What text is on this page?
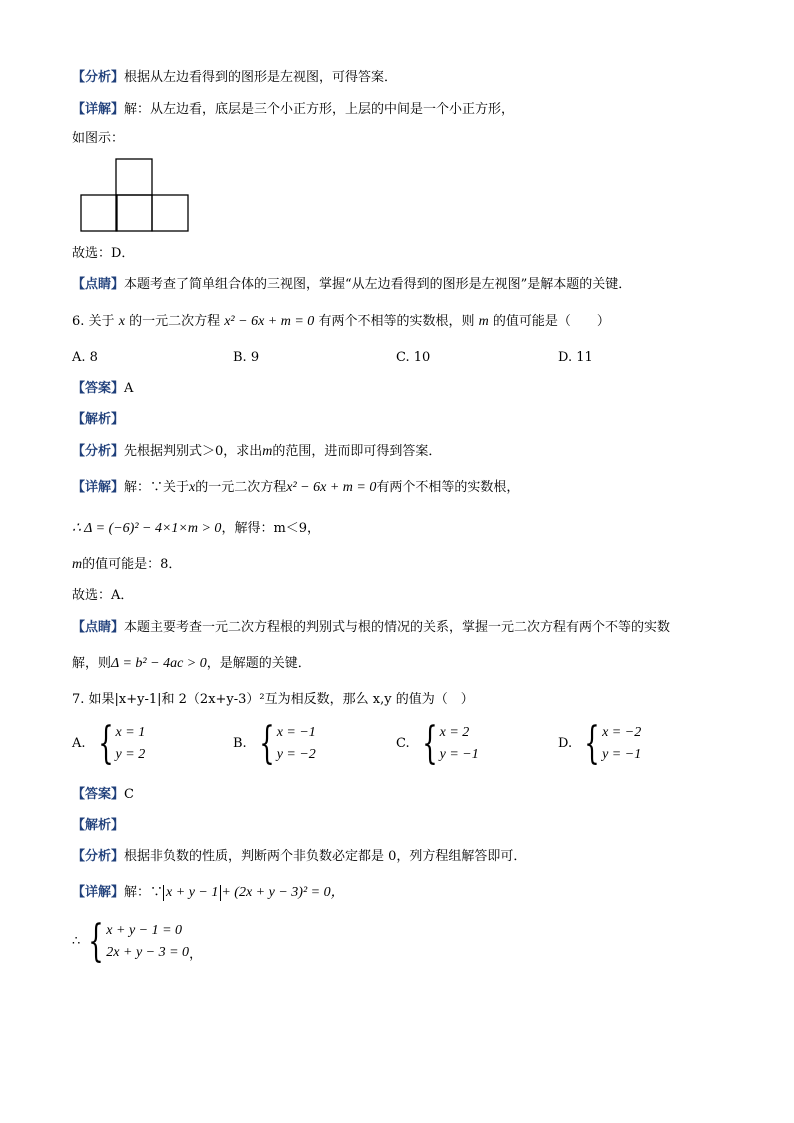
【分析】根据从左边看得到的图形是左视图，可得答案．
【详解】解：从左边看，底层是三个小正方形，上层的中间是一个小正方形，
如图示：
故选：D．
【点睛】本题考查了简单组合体的三视图，掌握“从左边看得到的图形是左视图”是解本题的关键．
6. 关于 x 的一元二次方程 x² − 6x + m = 0 有两个不相等的实数根，则 m 的值可能是（　　）
A. 8	B. 9	C. 10	D. 11
【答案】A
【解析】
【分析】先根据判别式＞0，求出m的范围，进而即可得到答案．
【详解】解：∵关于x的一元二次方程x² − 6x + m = 0有两个不相等的实数根，
∴ Δ = (−6)² − 4×1×m > 0，解得：m＜9，
m的值可能是：8．
故选：A．
【点睛】本题主要考查一元二次方程根的判别式与根的情况的关系，掌握一元二次方程有两个不等的实数
解，则Δ = b² − 4ac > 0，是解题的关键．
7. 如果|x+y-1|和 2（2x+y-3）²互为相反数，那么 x,y 的值为（　）
A. { x = 1
y = 2
B. { x = −1
y = −2
C. { x = 2
y = −1
D. { x = −2
y = −1
【答案】C
【解析】
【分析】根据非负数的性质，判断两个非负数必定都是 0，列方程组解答即可．
【详解】解：∵ x + y − 1 + (2x + y − 3)² = 0，
∴ { x + y − 1 = 0
2x + y − 3 = 0 ，
